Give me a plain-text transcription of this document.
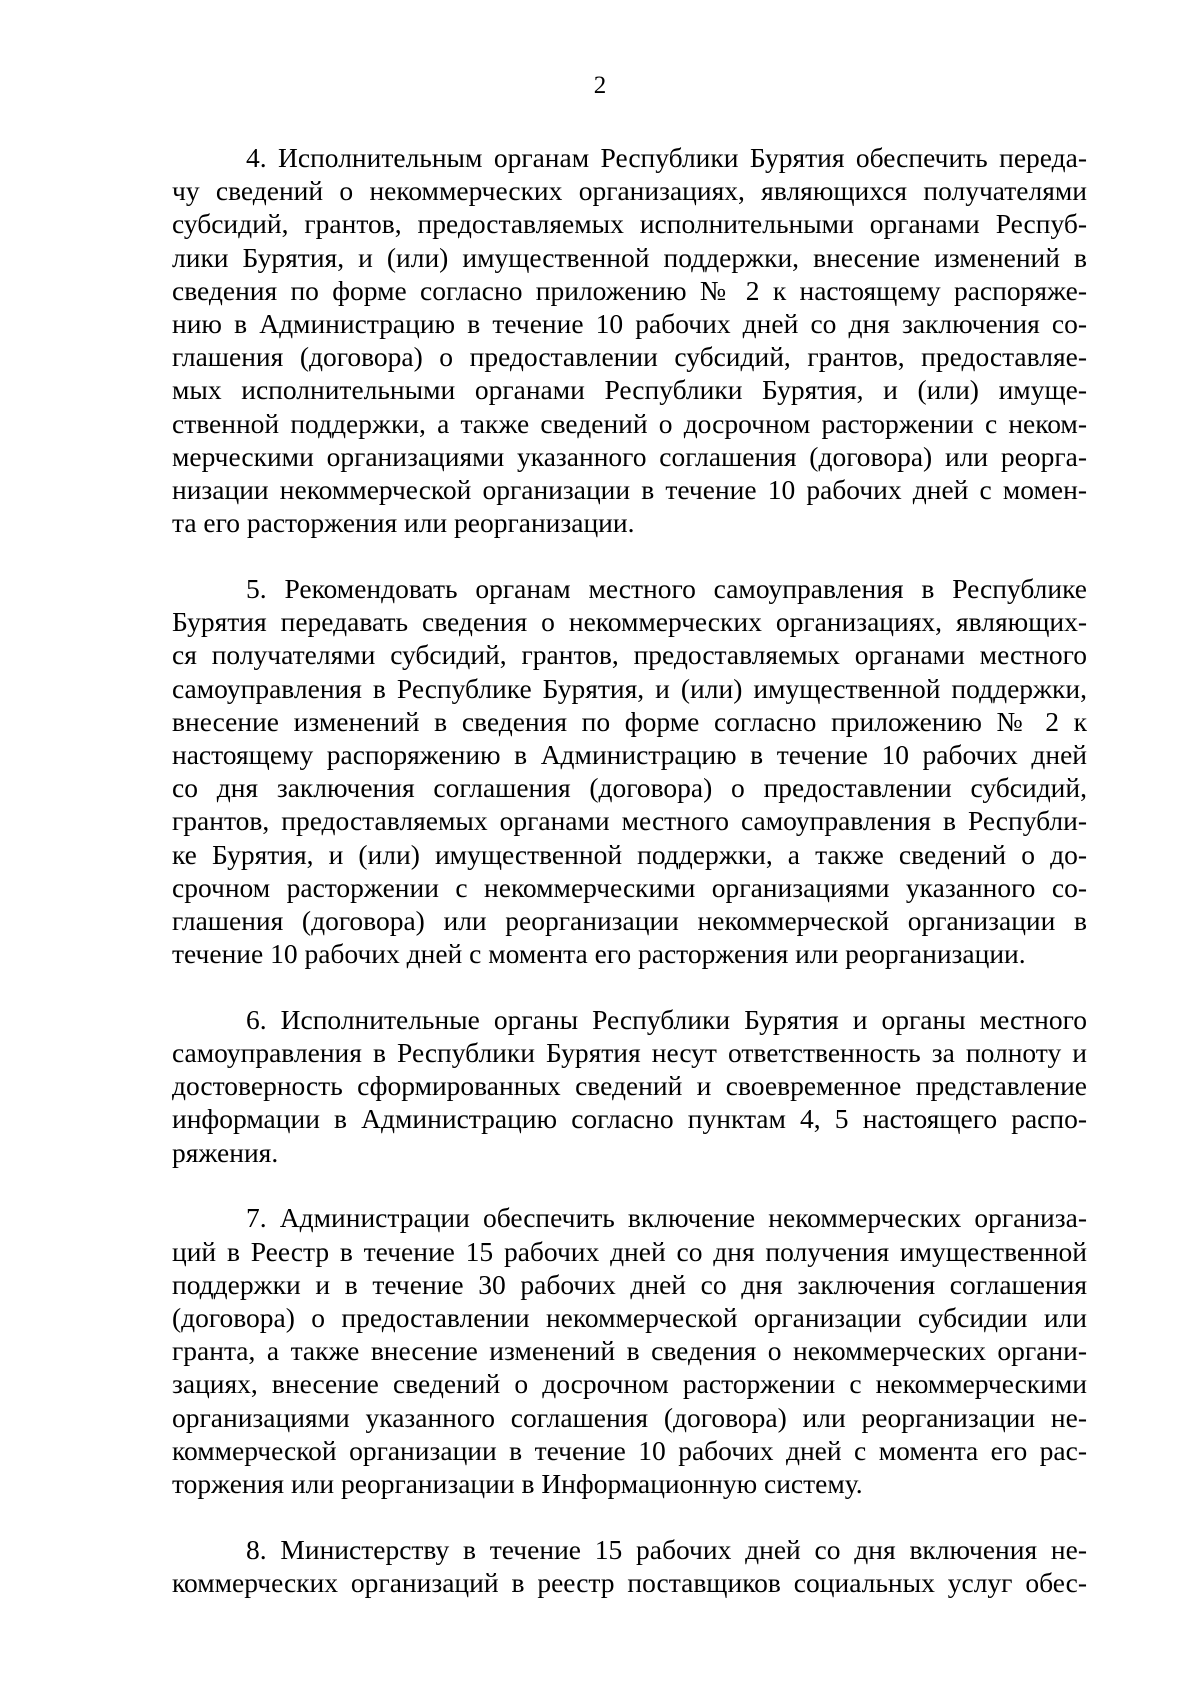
2
4. Исполнительным органам Республики Бурятия обеспечить переда-
чу сведений о некоммерческих организациях, являющихся получателями
субсидий, грантов, предоставляемых исполнительными органами Респуб-
лики Бурятия, и (или) имущественной поддержки, внесение изменений в
сведения по форме согласно приложению № 2 к настоящему распоряже-
нию в Администрацию в течение 10 рабочих дней со дня заключения со-
глашения (договора) о предоставлении субсидий, грантов, предоставляе-
мых исполнительными органами Республики Бурятия, и (или) имуще-
ственной поддержки, а также сведений о досрочном расторжении с неком-
мерческими организациями указанного соглашения (договора) или реорга-
низации некоммерческой организации в течение 10 рабочих дней с момен-
та его расторжения или реорганизации.
5. Рекомендовать органам местного самоуправления в Республике
Бурятия передавать сведения о некоммерческих организациях, являющих-
ся получателями субсидий, грантов, предоставляемых органами местного
самоуправления в Республике Бурятия, и (или) имущественной поддержки,
внесение изменений в сведения по форме согласно приложению № 2 к
настоящему распоряжению в Администрацию в течение 10 рабочих дней
со дня заключения соглашения (договора) о предоставлении субсидий,
грантов, предоставляемых органами местного самоуправления в Республи-
ке Бурятия, и (или) имущественной поддержки, а также сведений о до-
срочном расторжении с некоммерческими организациями указанного со-
глашения (договора) или реорганизации некоммерческой организации в
течение 10 рабочих дней с момента его расторжения или реорганизации.
6. Исполнительные органы Республики Бурятия и органы местного
самоуправления в Республики Бурятия несут ответственность за полноту и
достоверность сформированных сведений и своевременное представление
информации в Администрацию согласно пунктам 4, 5 настоящего распо-
ряжения.
7. Администрации обеспечить включение некоммерческих организа-
ций в Реестр в течение 15 рабочих дней со дня получения имущественной
поддержки и в течение 30 рабочих дней со дня заключения соглашения
(договора) о предоставлении некоммерческой организации субсидии или
гранта, а также внесение изменений в сведения о некоммерческих органи-
зациях, внесение сведений о досрочном расторжении с некоммерческими
организациями указанного соглашения (договора) или реорганизации не-
коммерческой организации в течение 10 рабочих дней с момента его рас-
торжения или реорганизации в Информационную систему.
8. Министерству в течение 15 рабочих дней со дня включения не-
коммерческих организаций в реестр поставщиков социальных услуг обес-
